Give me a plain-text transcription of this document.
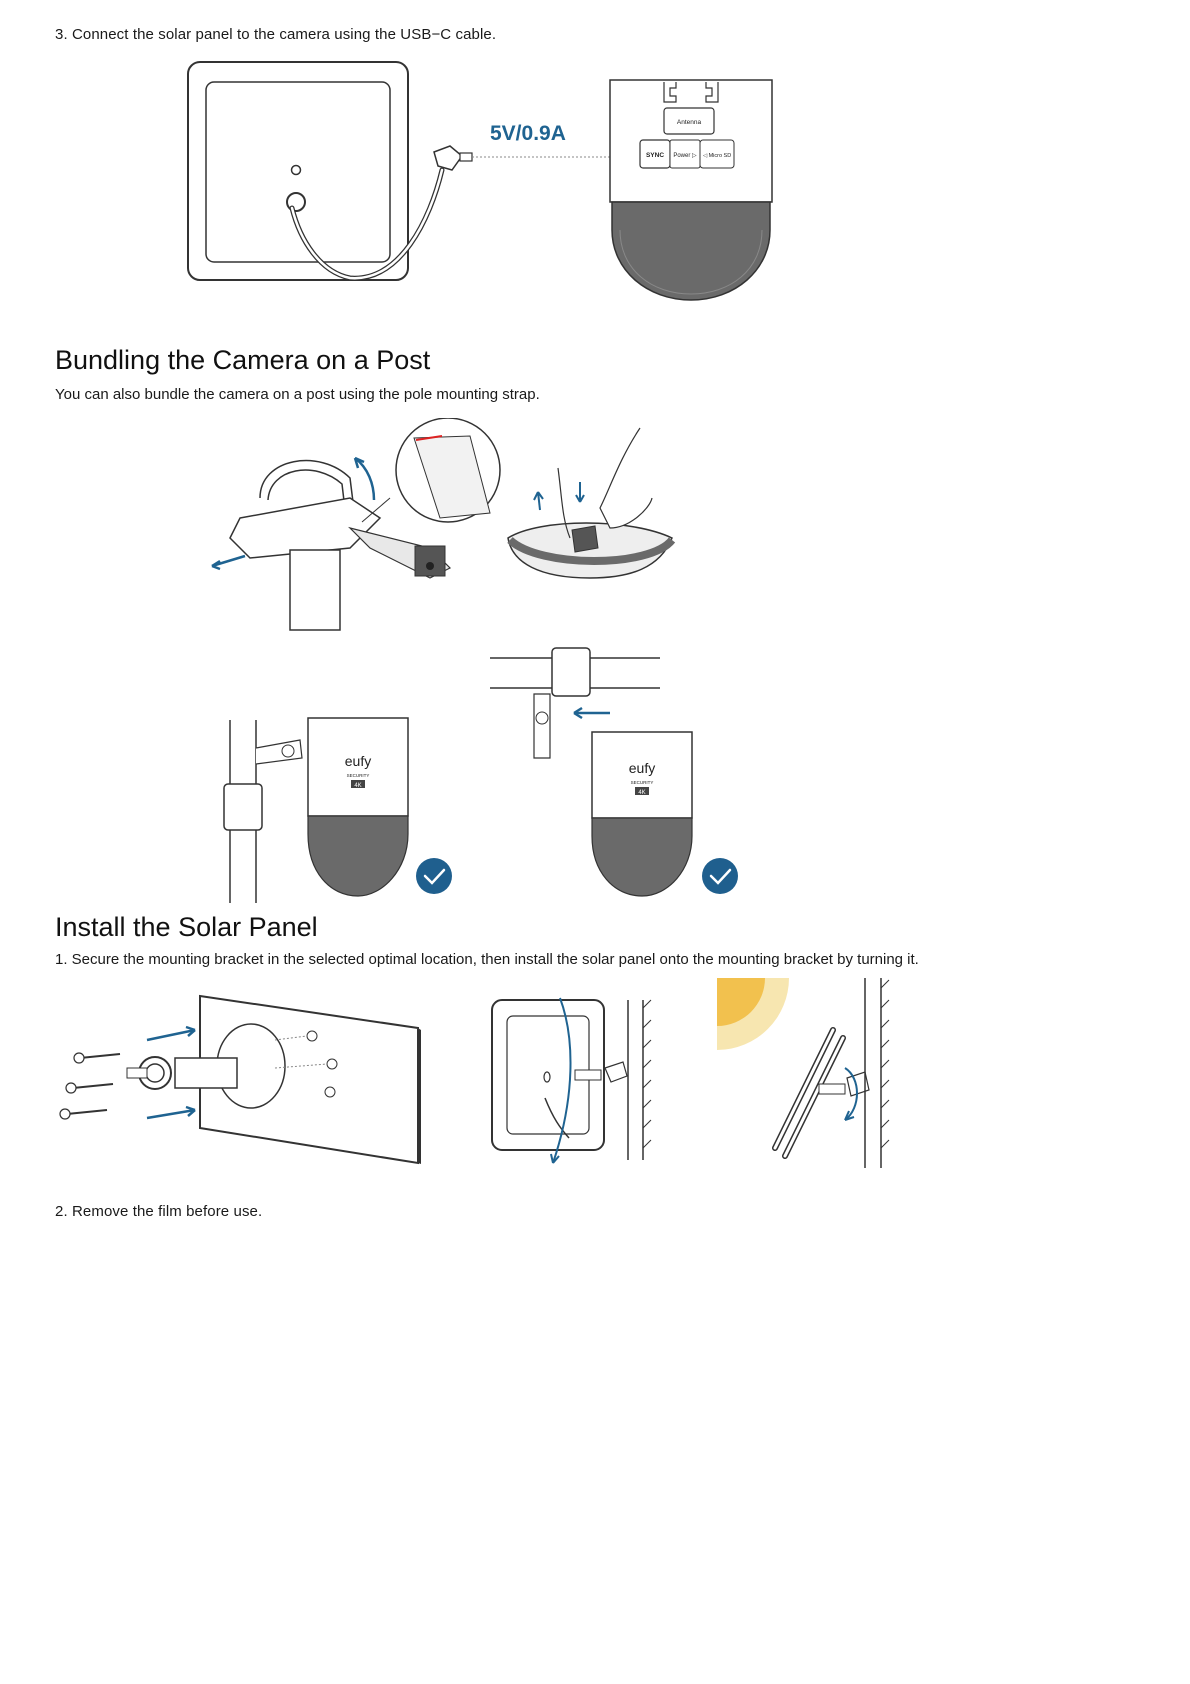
3. Connect the solar panel to the camera using the USB−C cable.
5V/0.9A	Antenna
SYNC Power ▷ ◁ Micro SD
Bundling the Camera on a Post
You can also bundle the camera on a post using the pole mounting strap.
eufy
SECURITY
4K
eufy
SECURITY
4K
Install the Solar Panel
1. Secure the mounting bracket in the selected optimal location, then install the solar panel onto the mounting bracket by turning it.
2. Remove the film before use.
